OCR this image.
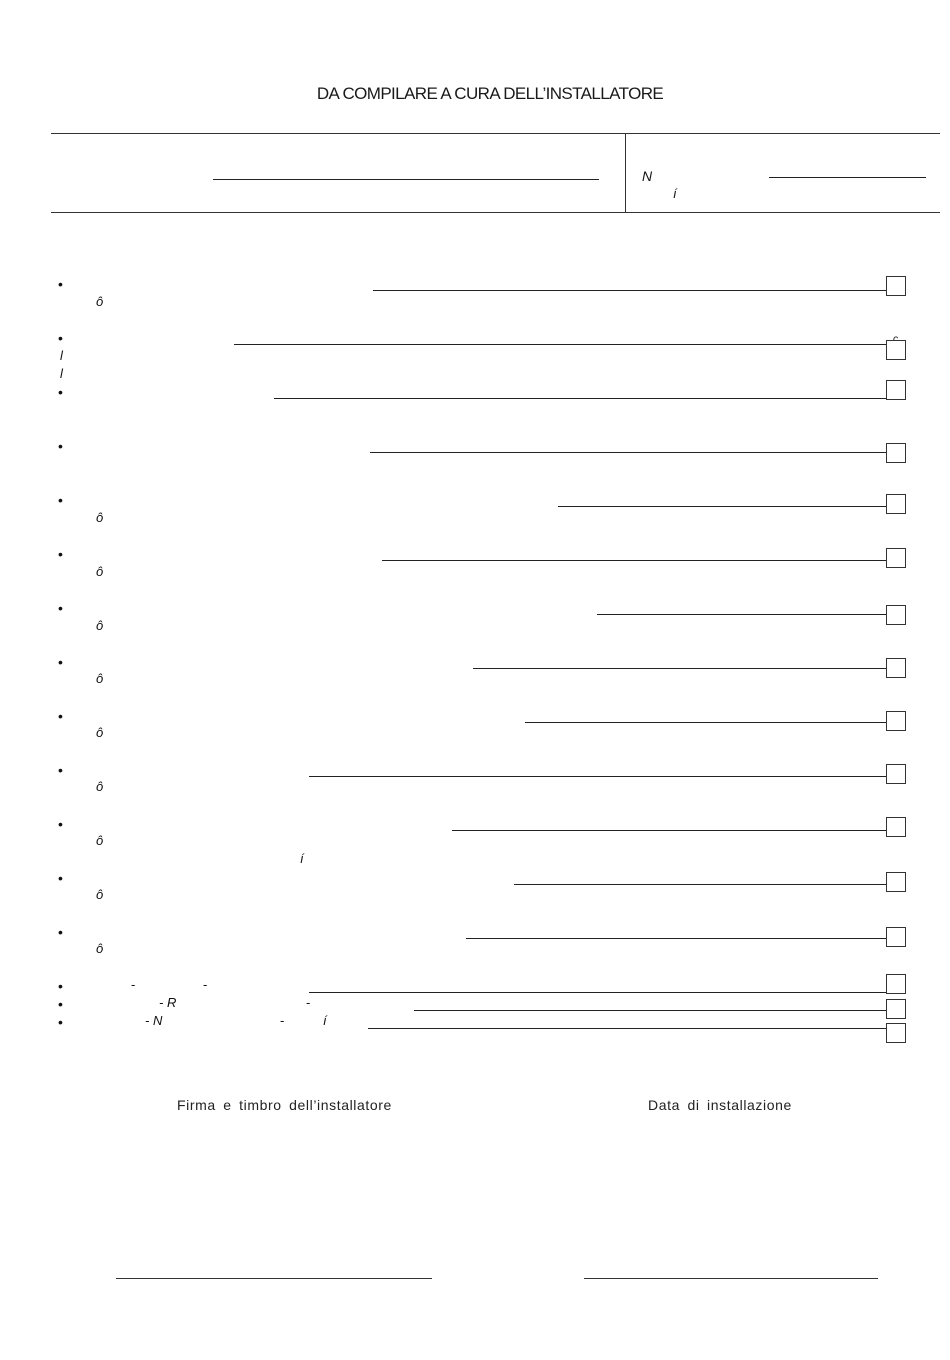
DA COMPILARE A CURA DELL’INSTALLATORE
N
í
•
ô
•
l
l
•
•
•
ô
•
ô
•
ô
•
ô
•
ô
•
ô
•
ô
í
•
ô
•
ô
•	-	-
•	- R	-
•	- N	-	í
Firma e timbro dell’installatore	Data di installazione
